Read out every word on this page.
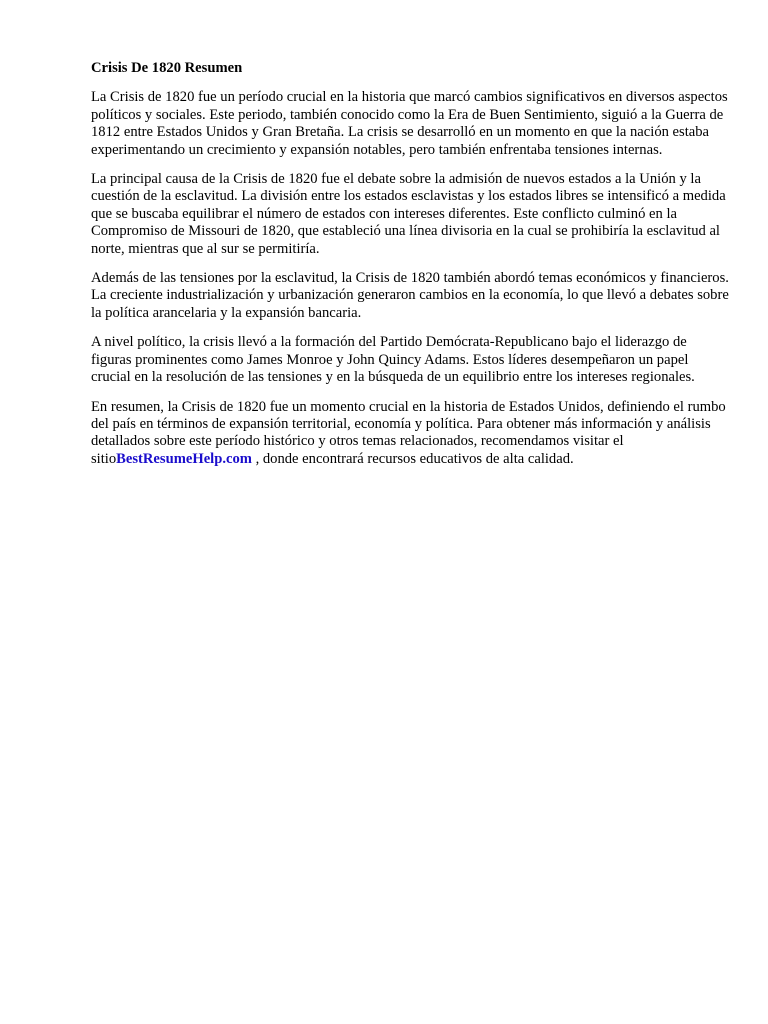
Crisis De 1820 Resumen

La Crisis de 1820 fue un período crucial en la historia que marcó cambios significativos en diversos aspectos políticos y sociales. Este periodo, también conocido como la Era de Buen Sentimiento, siguió a la Guerra de 1812 entre Estados Unidos y Gran Bretaña. La crisis se desarrolló en un momento en que la nación estaba experimentando un crecimiento y expansión notables, pero también enfrentaba tensiones internas.

La principal causa de la Crisis de 1820 fue el debate sobre la admisión de nuevos estados a la Unión y la cuestión de la esclavitud. La división entre los estados esclavistas y los estados libres se intensificó a medida que se buscaba equilibrar el número de estados con intereses diferentes. Este conflicto culminó en la Compromiso de Missouri de 1820, que estableció una línea divisoria en la cual se prohibiría la esclavitud al norte, mientras que al sur se permitiría.

Además de las tensiones por la esclavitud, la Crisis de 1820 también abordó temas económicos y financieros. La creciente industrialización y urbanización generaron cambios en la economía, lo que llevó a debates sobre la política arancelaria y la expansión bancaria.

A nivel político, la crisis llevó a la formación del Partido Demócrata-Republicano bajo el liderazgo de figuras prominentes como James Monroe y John Quincy Adams. Estos líderes desempeñaron un papel crucial en la resolución de las tensiones y en la búsqueda de un equilibrio entre los intereses regionales.

En resumen, la Crisis de 1820 fue un momento crucial en la historia de Estados Unidos, definiendo el rumbo del país en términos de expansión territorial, economía y política. Para obtener más información y análisis detallados sobre este período histórico y otros temas relacionados, recomendamos visitar el sitioBestResumeHelp.com , donde encontrará recursos educativos de alta calidad.
